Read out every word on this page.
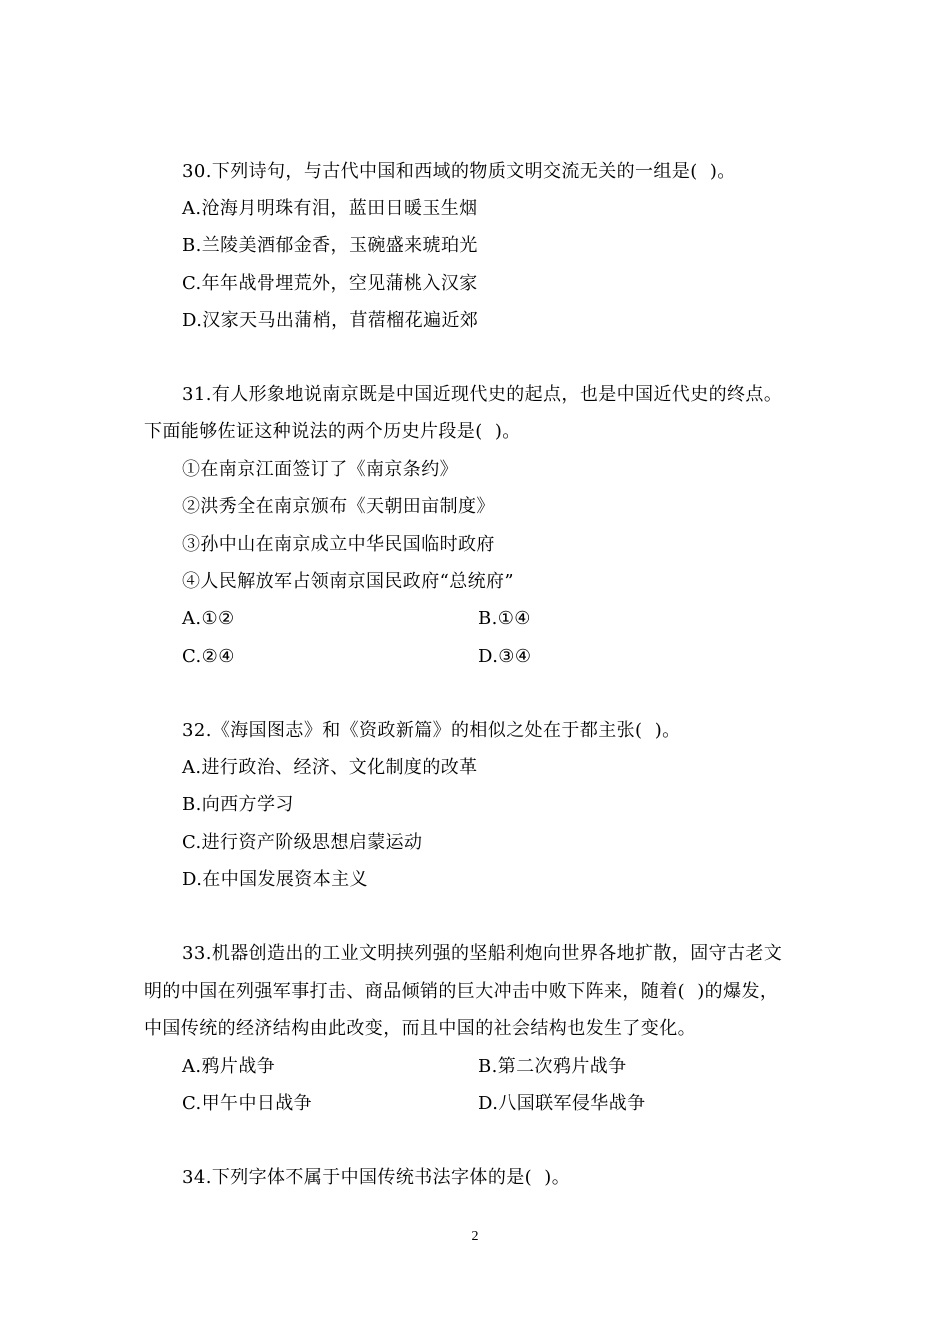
30.下列诗句，与古代中国和西域的物质文明交流无关的一组是(  )。
A.沧海月明珠有泪，蓝田日暖玉生烟
B.兰陵美酒郁金香，玉碗盛来琥珀光
C.年年战骨埋荒外，空见蒲桃入汉家
D.汉家天马出蒲梢，苜蓿榴花遍近郊
31.有人形象地说南京既是中国近现代史的起点，也是中国近代史的终点。
下面能够佐证这种说法的两个历史片段是(  )。
①在南京江面签订了《南京条约》
②洪秀全在南京颁布《天朝田亩制度》
③孙中山在南京成立中华民国临时政府
④人民解放军占领南京国民政府“总统府”
A.①②	B.①④
C.②④	D.③④
32.《海国图志》和《资政新篇》的相似之处在于都主张(  )。
A.进行政治、经济、文化制度的改革
B.向西方学习
C.进行资产阶级思想启蒙运动
D.在中国发展资本主义
33.机器创造出的工业文明挟列强的坚船利炮向世界各地扩散，固守古老文
明的中国在列强军事打击、商品倾销的巨大冲击中败下阵来，随着(  )的爆发，
中国传统的经济结构由此改变，而且中国的社会结构也发生了变化。
A.鸦片战争	B.第二次鸦片战争
C.甲午中日战争	D.八国联军侵华战争
34.下列字体不属于中国传统书法字体的是(  )。
2
